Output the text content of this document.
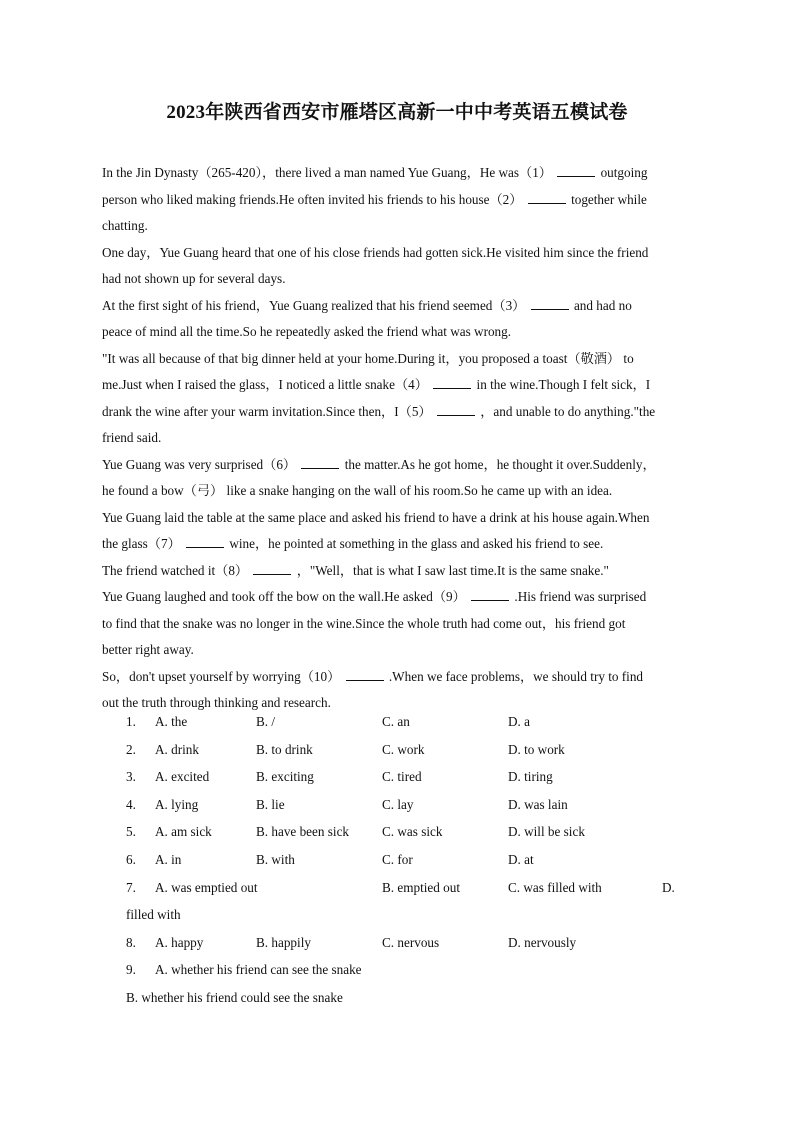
2023年陕西省西安市雁塔区高新一中中考英语五模试卷
In the Jin Dynasty（265-420），there lived a man named Yue Guang，He was（1）	outgoing
person who liked making friends.He often invited his friends to his house（2）	together while
chatting.
One day，Yue Guang heard that one of his close friends had gotten sick.He visited him since the friend
had not shown up for several days.
At the first sight of his friend，Yue Guang realized that his friend seemed（3）	and had no
peace of mind all the time.So he repeatedly asked the friend what was wrong.
"It was all because of that big dinner held at your home.During it，you proposed a toast（敬酒） to
me.Just when I raised the glass，I noticed a little snake（4）	in the wine.Though I felt sick，I
drank the wine after your warm invitation.Since then，I（5）	，and unable to do anything."the
friend said.
Yue Guang was very surprised（6）	the matter.As he got home，he thought it over.Suddenly，
he found a bow（弓） like a snake hanging on the wall of his room.So he came up with an idea.
Yue Guang laid the table at the same place and asked his friend to have a drink at his house again.When
the glass（7）	wine，he pointed at something in the glass and asked his friend to see.
The friend watched it（8）	，"Well，that is what I saw last time.It is the same snake."
Yue Guang laughed and took off the bow on the wall.He asked（9）	.His friend was surprised
to find that the snake was no longer in the wine.Since the whole truth had come out，his friend got
better right away.
So，don't upset yourself by worrying（10）	.When we face problems，we should try to find
out the truth through thinking and research.
1. A. the	B. /	C. an	D. a
2. A. drink	B. to drink	C. work	D. to work
3. A. excited	B. exciting	C. tired	D. tiring
4. A. lying	B. lie	C. lay	D. was lain
5. A. am sick	B. have been sick C. was sick	D. will be sick
6. A. in	B. with	C. for	D. at
7. A. was emptied out	B. emptied out	C. was filled with	D.
filled with
8. A. happy	B. happily	C. nervous	D. nervously
9. A. whether his friend can see the snake
B. whether his friend could see the snake
